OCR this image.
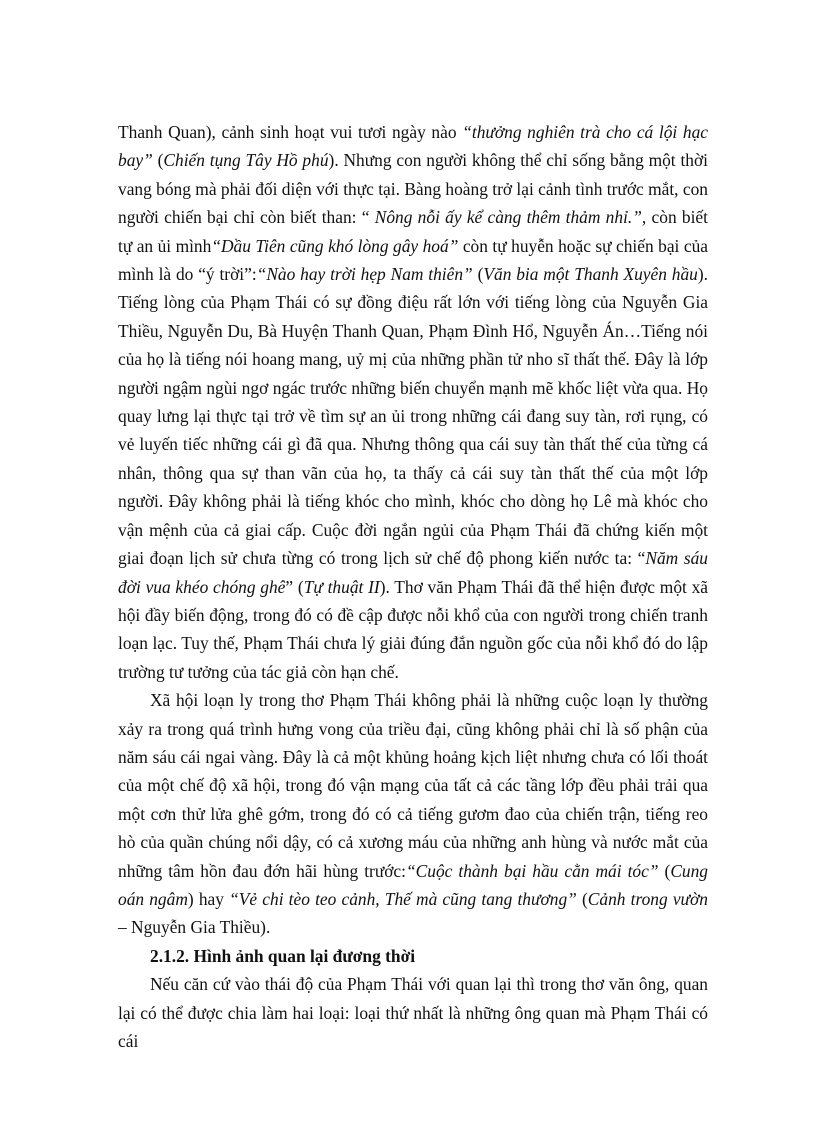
Thanh Quan), cảnh sinh hoạt vui tươi ngày nào “thưởng nghiên trà cho cá lội hạc bay” (Chiến tụng Tây Hồ phú). Nhưng con người không thể chỉ sống bằng một thời vang bóng mà phải đối diện với thực tại. Bàng hoàng trở lại cảnh tình trước mắt, con người chiến bại chỉ còn biết than: “ Nông nỗi ấy kể càng thêm thảm nhỉ.”, còn biết tự an ủi mình“Dầu Tiên cũng khó lòng gây hoá” còn tự huyễn hoặc sự chiến bại của mình là do “ý trời”:“Nào hay trời hẹp Nam thiên” (Văn bia một Thanh Xuyên hầu). Tiếng lòng của Phạm Thái có sự đồng điệu rất lớn với tiếng lòng của Nguyễn Gia Thiều, Nguyễn Du, Bà Huyện Thanh Quan, Phạm Đình Hổ, Nguyễn Án…Tiếng nói của họ là tiếng nói hoang mang, uỷ mị của những phần tử nho sĩ thất thế. Đây là lớp người ngậm ngùi ngơ ngác trước những biến chuyển mạnh mẽ khốc liệt vừa qua. Họ quay lưng lại thực tại trở về tìm sự an ủi trong những cái đang suy tàn, rơi rụng, có vẻ luyến tiếc những cái gì đã qua. Nhưng thông qua cái suy tàn thất thế của từng cá nhân, thông qua sự than vãn của họ, ta thấy cả cái suy tàn thất thế của một lớp người. Đây không phải là tiếng khóc cho mình, khóc cho dòng họ Lê mà khóc cho vận mệnh của cả giai cấp. Cuộc đời ngắn ngủi của Phạm Thái đã chứng kiến một giai đoạn lịch sử chưa từng có trong lịch sử chế độ phong kiến nước ta: “Năm sáu đời vua khéo chóng ghê” (Tự thuật II). Thơ văn Phạm Thái đã thể hiện được một xã hội đầy biến động, trong đó có đề cập được nỗi khổ của con người trong chiến tranh loạn lạc. Tuy thế, Phạm Thái chưa lý giải đúng đắn nguồn gốc của nỗi khổ đó do lập trường tư tưởng của tác giả còn hạn chế.

Xã hội loạn ly trong thơ Phạm Thái không phải là những cuộc loạn ly thường xảy ra trong quá trình hưng vong của triều đại, cũng không phải chỉ là số phận của năm sáu cái ngai vàng. Đây là cả một khủng hoảng kịch liệt nhưng chưa có lối thoát của một chế độ xã hội, trong đó vận mạng của tất cả các tầng lớp đều phải trải qua một cơn thử lửa ghê gớm, trong đó có cả tiếng gươm đao của chiến trận, tiếng reo hò của quần chúng nổi dậy, có cả xương máu của những anh hùng và nước mắt của những tâm hồn đau đớn hãi hùng trước:“Cuộc thành bại hầu cằn mái tóc” (Cung oán ngâm) hay “Vẻ chi tèo teo cảnh, Thế mà cũng tang thương” (Cảnh trong vườn – Nguyễn Gia Thiều).

2.1.2. Hình ảnh quan lại đương thời

Nếu căn cứ vào thái độ của Phạm Thái với quan lại thì trong thơ văn ông, quan lại có thể được chia làm hai loại: loại thứ nhất là những ông quan mà Phạm Thái có cái
